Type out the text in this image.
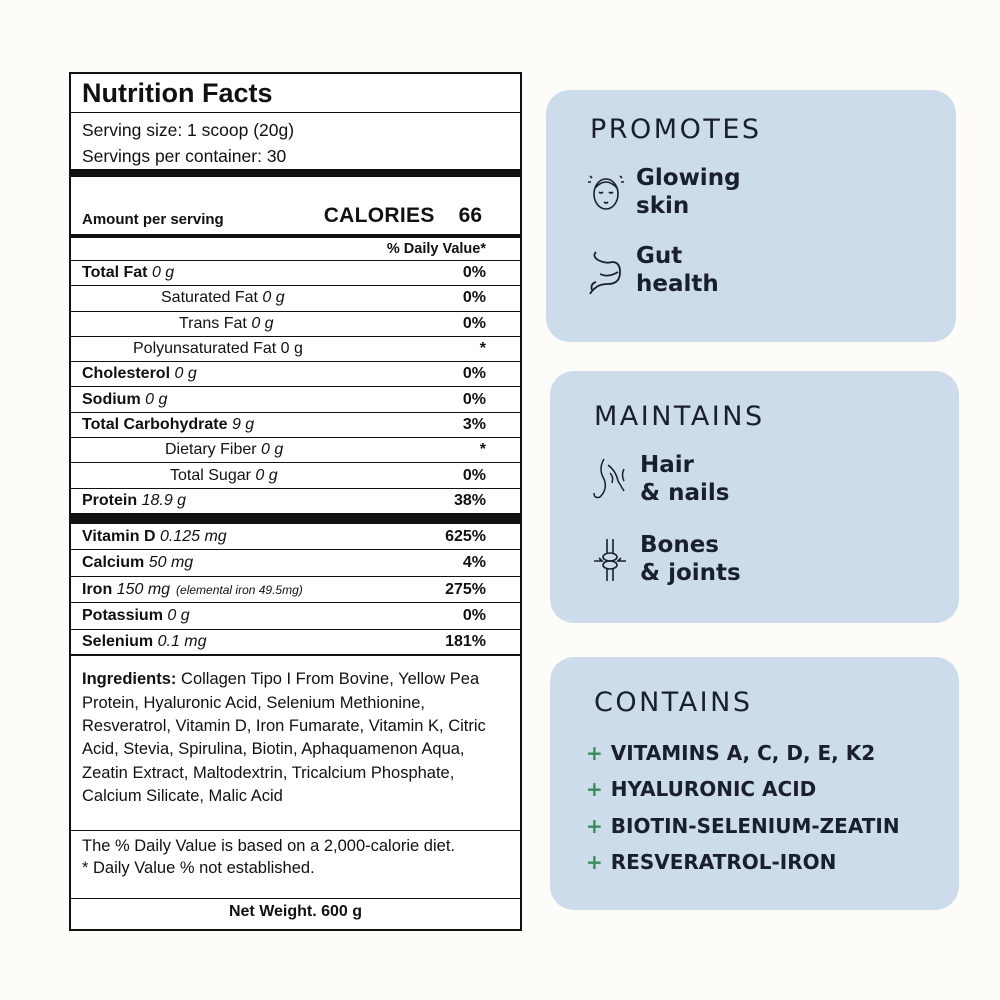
Nutrition Facts
Serving size: 1 scoop (20g)
Servings per container: 30
Amount per serving	CALORIES 66
% Daily Value*
Total Fat 0 g	0%
Saturated Fat 0 g	0%
Trans Fat 0 g	0%
Polyunsaturated Fat 0 g	*
Cholesterol 0 g	0%
Sodium 0 g	0%
Total Carbohydrate 9 g	3%
Dietary Fiber 0 g	*
Total Sugar 0 g	0%
Protein 18.9 g	38%
Vitamin D 0.125 mg	625%
Calcium 50 mg	4%
Iron 150 mg (elemental iron 49.5mg)	275%
Potassium 0 g	0%
Selenium 0.1 mg	181%
Ingredients: Collagen Tipo I From Bovine, Yellow Pea Protein, Hyaluronic Acid, Selenium Methionine, Resveratrol, Vitamin D, Iron Fumarate, Vitamin K, Citric Acid, Stevia, Spirulina, Biotin, Aphaquamenon Aqua, Zeatin Extract, Maltodextrin, Tricalcium Phosphate, Calcium Silicate, Malic Acid
The % Daily Value is based on a 2,000-calorie diet.
* Daily Value % not established.
Net Weight. 600 g
PROMOTES
Glowing
skin
Gut
health
MAINTAINS
Hair
& nails
Bones
& joints
CONTAINS
+ VITAMINS A, C, D, E, K2
+ HYALURONIC ACID
+ BIOTIN-SELENIUM-ZEATIN
+ RESVERATROL-IRON
